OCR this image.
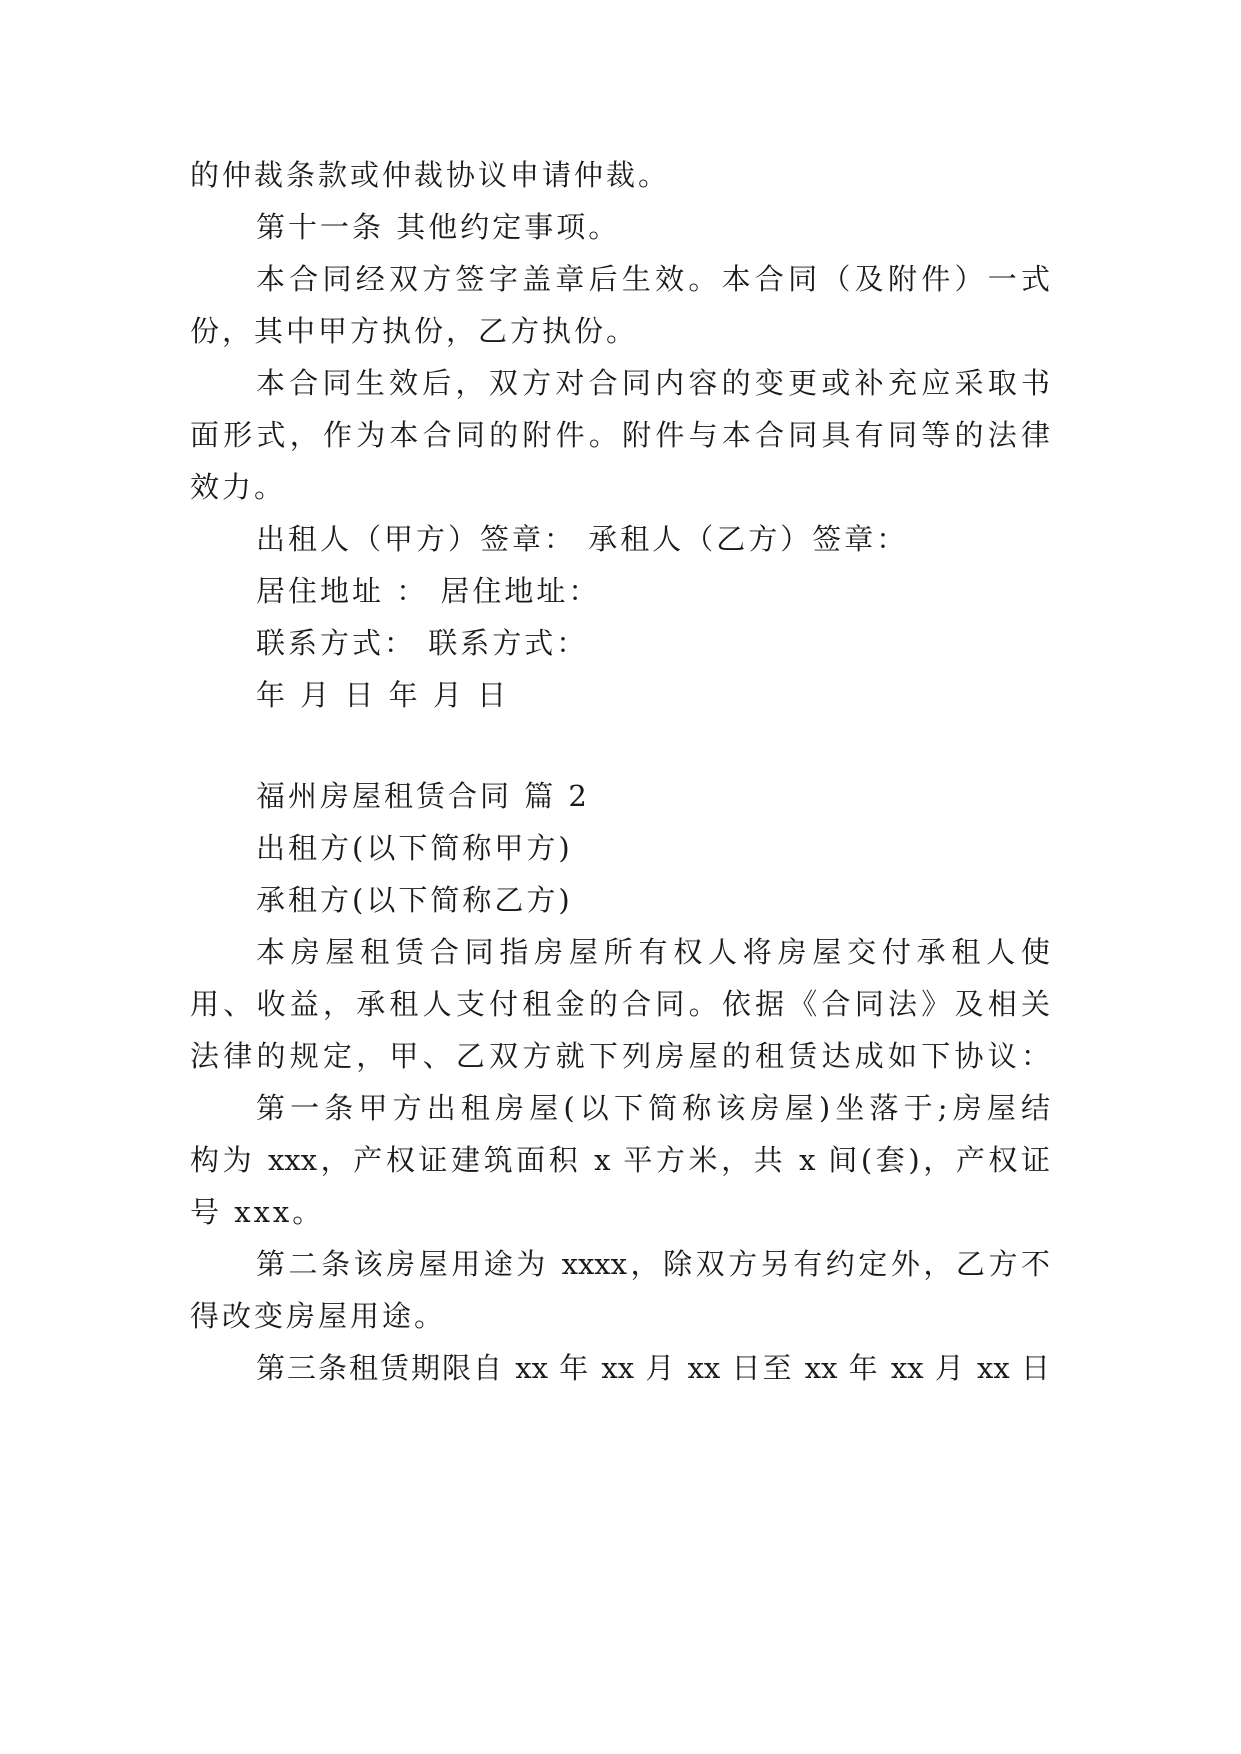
的仲裁条款或仲裁协议申请仲裁。
第十一条 其他约定事项。
本合同经双方签字盖章后生效。本合同（及附件）一式
份，其中甲方执份，乙方执份。
本合同生效后，双方对合同内容的变更或补充应采取书
面形式，作为本合同的附件。附件与本合同具有同等的法律
效力。
出租人（甲方）签章： 承租人（乙方）签章：
居住地址 ： 居住地址：
联系方式： 联系方式：
年 月 日 年 月 日
福州房屋租赁合同 篇 2
出租方(以下简称甲方)
承租方(以下简称乙方)
本房屋租赁合同指房屋所有权人将房屋交付承租人使
用、收益，承租人支付租金的合同。依据《合同法》及相关
法律的规定，甲、乙双方就下列房屋的租赁达成如下协议：
第一条甲方出租房屋(以下简称该房屋)坐落于;房屋结
构为 xxx，产权证建筑面积 x 平方米，共 x 间(套)，产权证
号 xxx。
第二条该房屋用途为 xxxx，除双方另有约定外，乙方不
得改变房屋用途。
第三条租赁期限自 xx 年 xx 月 xx 日至 xx 年 xx 月 xx 日
